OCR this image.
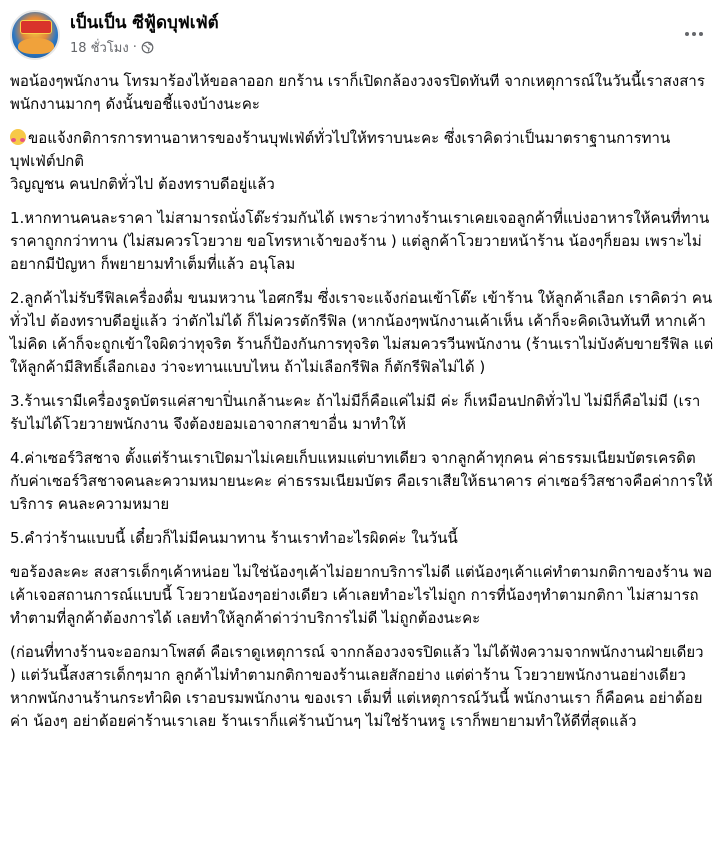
เป็นเป็น ซีฟู้ดบุฟเฟ่ต์
18 ชั่วโมง ·

พอน้องๆพนักงาน โทรมาร้องไห้ขอลาออก ยกร้าน เราก็เปิดกล้องวงจรปิดทันที จากเหตุการณ์ในวันนี้เราสงสารพนักงานมากๆ ดังนั้นขอชี้แจงบ้างนะคะ

ขอแจ้งกติการการทานอาหารของร้านบุฟเฟ่ต์ทั่วไปให้ทราบนะคะ ซึ่งเราคิดว่าเป็นมาตราฐานการทานบุฟเฟ่ต์ปกติ

วิญญูชน คนปกติทั่วไป ต้องทราบดีอยู่แล้ว

1.หากทานคนละราคา ไม่สามารถนั่งโต๊ะร่วมกันได้ เพราะว่าทางร้านเราเคยเจอลูกค้าที่แบ่งอาหารให้คนที่ทานราคาถูกกว่าทาน (ไม่สมควรโวยวาย ขอโทรหาเจ้าของร้าน ) แต่ลูกค้าโวยวายหน้าร้าน น้องๆก็ยอม เพราะไม่อยากมีปัญหา ก็พยายามทำเต็มที่แล้ว อนุโลม

2.ลูกค้าไม่รับรีฟิลเครื่องดื่ม ขนมหวาน ไอศกรีม ซึ่งเราจะแจ้งก่อนเข้าโต๊ะ เข้าร้าน ให้ลูกค้าเลือก เราคิดว่า คนทั่วไป ต้องทราบดีอยู่แล้ว ว่าตักไม่ได้ ก็ไม่ควรตักรีฟิล (หากน้องๆพนักงานเค้าเห็น เค้าก็จะคิดเงินทันที หากเค้าไม่คิด เค้าก็จะถูกเข้าใจผิดว่าทุจริต ร้านก็ป้องกันการทุจริต ไม่สมควรวีนพนักงาน (ร้านเราไม่บังคับขายรีฟิล แต่ให้ลูกค้ามีสิทธิ์เลือกเอง ว่าจะทานแบบไหน ถ้าไม่เลือกรีฟิล ก็ตักรีฟิลไม่ได้ )

3.ร้านเรามีเครื่องรูดบัตรแค่สาขาปิ่นเกล้านะคะ ถ้าไม่มีก็คือแค่ไม่มี ค่ะ ก็เหมือนปกติทั่วไป ไม่มีก็คือไม่มี (เรารับไม่ได้โวยวายพนักงาน จึงต้องยอมเอาจากสาขาอื่น มาทำให้

4.ค่าเซอร์วิสชาจ ตั้งแต่ร้านเราเปิดมาไม่เคยเก็บแหมแต่บาทเดียว จากลูกค้าทุกคน ค่าธรรมเนียมบัตรเครดิต กับค่าเซอร์วิสชาจคนละความหมายนะคะ ค่าธรรมเนียมบัตร คือเราเสียให้ธนาคาร ค่าเซอร์วิสชาจคือค่าการให้บริการ คนละความหมาย

5.คำว่าร้านแบบนี้ เดี๋ยวก็ไม่มีคนมาทาน ร้านเราทำอะไรผิดค่ะ ในวันนี้

ขอร้องละคะ สงสารเด็กๆเค้าหน่อย ไม่ใช่น้องๆเค้าไม่อยากบริการไม่ดี แต่น้องๆเค้าแค่ทำตามกติกาของร้าน พอเค้าเจอสถานการณ์แบบนี้ โวยวายน้องๆอย่างเดียว เค้าเลยทำอะไรไม่ถูก การที่น้องๆทำตามกติกา ไม่สามารถทำตามที่ลูกค้าต้องการได้ เลยทำให้ลูกค้าด่าว่าบริการไม่ดี ไม่ถูกต้องนะคะ

(ก่อนที่ทางร้านจะออกมาโพสต์ คือเราดูเหตุการณ์ จากกล้องวงจรปิดแล้ว ไม่ได้ฟังความจากพนักงานฝ่ายเดียว ) แต่วันนี้สงสารเด็กๆมาก ลูกค้าไม่ทำตามกติกาของร้านเลยสักอย่าง แต่ด่าร้าน โวยวายพนักงานอย่างเดียว หากพนักงานร้านกระทำผิด เราอบรมพนักงาน ของเรา เต็มที่ แต่เหตุการณ์วันนี้ พนักงานเรา ก็คือคน อย่าด้อยค่า น้องๆ อย่าด้อยค่าร้านเราเลย ร้านเราก็แค่ร้านบ้านๆ ไม่ใช่ร้านหรู เราก็พยายามทำให้ดีที่สุดแล้ว
